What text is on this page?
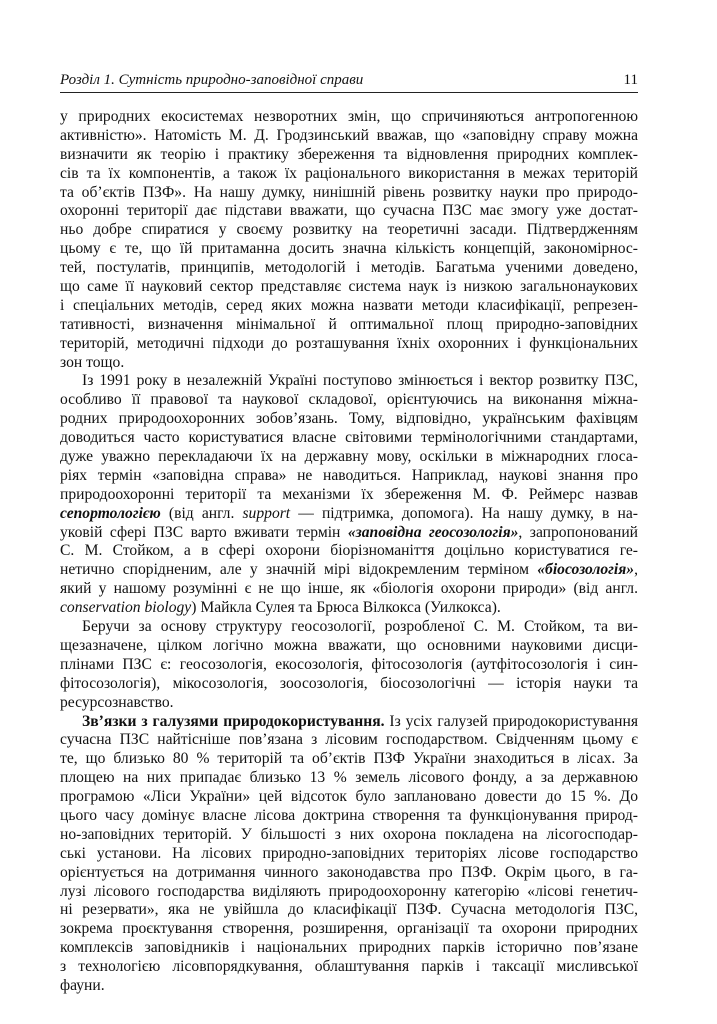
Розділ 1. Сутність природно-заповідної справи	11
у природних екосистемах незворотних змін, що спричиняються антропогенною
активністю». Натомість М. Д. Гродзинський вважав, що «заповідну справу можна
визначити як теорію і практику збереження та відновлення природних комплек-
сів та їх компонентів, а також їх раціонального використання в межах територій
та об’єктів ПЗФ». На нашу думку, нинішній рівень розвитку науки про природо-
охоронні території дає підстави вважати, що сучасна ПЗС має змогу уже достат-
ньо добре спиратися у своєму розвитку на теоретичні засади. Підтвердженням
цьому є те, що їй притаманна досить значна кількість концепцій, закономірнос-
тей, постулатів, принципів, методологій і методів. Багатьма ученими доведено,
що саме її науковий сектор представляє система наук із низкою загальнонаукових
і спеціальних методів, серед яких можна назвати методи класифікації, репрезен-
тативності, визначення мінімальної й оптимальної площ природно-заповідних
територій, методичні підходи до розташування їхніх охоронних і функціональних
зон тощо.
Із 1991 року в незалежній Україні поступово змінюється і вектор розвитку ПЗС,
особливо її правової та наукової складової, орієнтуючись на виконання міжна-
родних природоохоронних зобов’язань. Тому, відповідно, українським фахівцям
доводиться часто користуватися власне світовими термінологічними стандартами,
дуже уважно перекладаючи їх на державну мову, оскільки в міжнародних глоса-
ріях термін «заповідна справа» не наводиться. Наприклад, наукові знання про
природоохоронні території та механізми їх збереження М. Ф. Реймерс назвав
сепортологією (від англ. support — підтримка, допомога). На нашу думку, в на-
уковій сфері ПЗС варто вживати термін «заповідна геосозологія», запропонований
С. М. Стойком, а в сфері охорони біорізноманіття доцільно користуватися ге-
нетично спорідненим, але у значній мірі відокремленим терміном «біосозологія»,
який у нашому розумінні є не що інше, як «біологія охорони природи» (від англ.
conservation biology) Майкла Сулея та Брюса Вілкокса (Уилкокса).
Беручи за основу структуру геосозології, розробленої С. М. Стойком, та ви-
щезазначене, цілком логічно можна вважати, що основними науковими дисци-
плінами ПЗС є: геосозологія, екосозологія, фітосозологія (аутфітосозологія і син-
фітосозологія), мікосозологія, зоосозологія, біосозологічні — історія науки та
ресурсознавство.
Зв’язки з галузями природокористування. Із усіх галузей природокористування
сучасна ПЗС найтісніше пов’язана з лісовим господарством. Свідченням цьому є
те, що близько 80 % територій та об’єктів ПЗФ України знаходиться в лісах. За
площею на них припадає близько 13 % земель лісового фонду, а за державною
програмою «Ліси України» цей відсоток було заплановано довести до 15 %. До
цього часу домінує власне лісова доктрина створення та функціонування природ-
но-заповідних територій. У більшості з них охорона покладена на лісогосподар-
ські установи. На лісових природно-заповідних територіях лісове господарство
орієнтується на дотримання чинного законодавства про ПЗФ. Окрім цього, в га-
лузі лісового господарства виділяють природоохоронну категорію «лісові генетич-
ні резервати», яка не увійшла до класифікації ПЗФ. Сучасна методологія ПЗС,
зокрема проєктування створення, розширення, організації та охорони природних
комплексів заповідників і національних природних парків історично пов’язане
з технологією лісовпорядкування, облаштування парків і таксації мисливської
фауни.
